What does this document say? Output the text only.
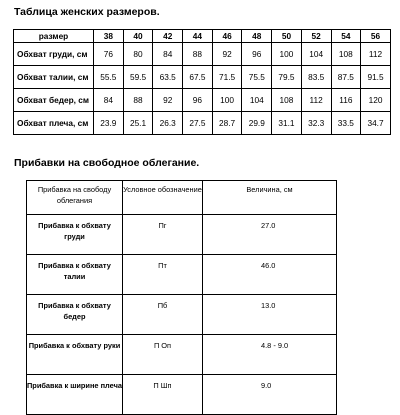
Таблица женских размеров.
размер	38	40	42	44	46	48	50	52	54	56
Обхват груди, см	76	80	84	88	92	96	100	104	108	112
Обхват талии, см	55.5	59.5	63.5	67.5	71.5	75.5	79.5	83.5	87.5	91.5
Обхват бедер, см	84	88	92	96	100	104	108	112	116	120
Обхват плеча, см	23.9	25.1	26.3	27.5	28.7	29.9	31.1	32.3	33.5	34.7
Прибавки на свободное облегание.
Прибавка на свободу облегания	Условное обозначение	Величина, см
Прибавка к обхвату груди	Пг	27.0
Прибавка к обхвату талии	Пт	46.0
Прибавка к обхвату бедер	Пб	13.0
Прибавка к обхвату руки	П Оп	4.8 - 9.0
Прибавка к ширине плеча	П Шп	9.0
